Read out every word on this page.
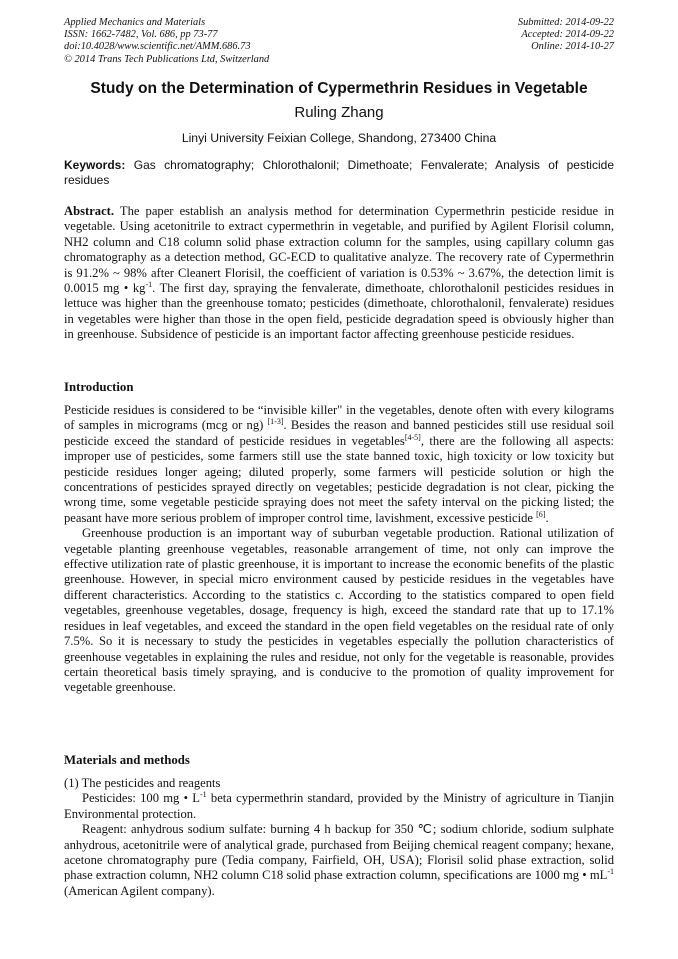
Applied Mechanics and Materials
ISSN: 1662-7482, Vol. 686, pp 73-77
doi:10.4028/www.scientific.net/AMM.686.73
© 2014 Trans Tech Publications Ltd, Switzerland
Submitted: 2014-09-22
Accepted: 2014-09-22
Online: 2014-10-27
Study on the Determination of Cypermethrin Residues in Vegetable
Ruling Zhang
Linyi University Feixian College, Shandong, 273400 China
Keywords: Gas chromatography; Chlorothalonil; Dimethoate; Fenvalerate; Analysis of pesticide residues

Abstract. The paper establish an analysis method for determination Cypermethrin pesticide residue in vegetable. Using acetonitrile to extract cypermethrin in vegetable, and purified by Agilent Florisil column, NH2 column and C18 column solid phase extraction column for the samples, using capillary column gas chromatography as a detection method, GC-ECD to qualitative analyze. The recovery rate of Cypermethrin is 91.2% ~ 98% after Cleanert Florisil, the coefficient of variation is 0.53% ~ 3.67%, the detection limit is 0.0015 mg • $kg^{-1}$. The first day, spraying the fenvalerate, dimethoate, chlorothalonil pesticides residues in lettuce was higher than the greenhouse tomato; pesticides (dimethoate, chlorothalonil, fenvalerate) residues in vegetables were higher than those in the open field, pesticide degradation speed is obviously higher than in greenhouse. Subsidence of pesticide is an important factor affecting greenhouse pesticide residues.

Introduction

Pesticide residues is considered to be “invisible killer" in the vegetables, denote often with every kilograms of samples in micrograms (mcg or ng) [1-3]. Besides the reason and banned pesticides still use residual soil pesticide exceed the standard of pesticide residues in vegetables[4-5], there are the following all aspects: improper use of pesticides, some farmers still use the state banned toxic, high toxicity or low toxicity but pesticide residues longer ageing; diluted properly, some farmers will pesticide solution or high the concentrations of pesticides sprayed directly on vegetables; pesticide degradation is not clear, picking the wrong time, some vegetable pesticide spraying does not meet the safety interval on the picking listed; the peasant have more serious problem of improper control time, lavishment, excessive pesticide [6].

Greenhouse production is an important way of suburban vegetable production. Rational utilization of vegetable planting greenhouse vegetables, reasonable arrangement of time, not only can improve the effective utilization rate of plastic greenhouse, it is important to increase the economic benefits of the plastic greenhouse. However, in special micro environment caused by pesticide residues in the vegetables have different characteristics. According to the statistics c. According to the statistics compared to open field vegetables, greenhouse vegetables, dosage, frequency is high, exceed the standard rate that up to 17.1% residues in leaf vegetables, and exceed the standard in the open field vegetables on the residual rate of only 7.5%. So it is necessary to study the pesticides in vegetables especially the pollution characteristics of greenhouse vegetables in explaining the rules and residue, not only for the vegetable is reasonable, provides certain theoretical basis timely spraying, and is conducive to the promotion of quality improvement for vegetable greenhouse.

Materials and methods

(1) The pesticides and reagents

Pesticides: 100 mg • $L^{-1}$ beta cypermethrin standard, provided by the Ministry of agriculture in Tianjin Environmental protection.

Reagent: anhydrous sodium sulfate: burning 4 h backup for 350 ℃; sodium chloride, sodium sulphate anhydrous, acetonitrile were of analytical grade, purchased from Beijing chemical reagent company; hexane, acetone chromatography pure (Tedia company, Fairfield, OH, USA); Florisil solid phase extraction, solid phase extraction column, NH2 column C18 solid phase extraction column, specifications are 1000 mg • $mL^{-1}$ (American Agilent company).
